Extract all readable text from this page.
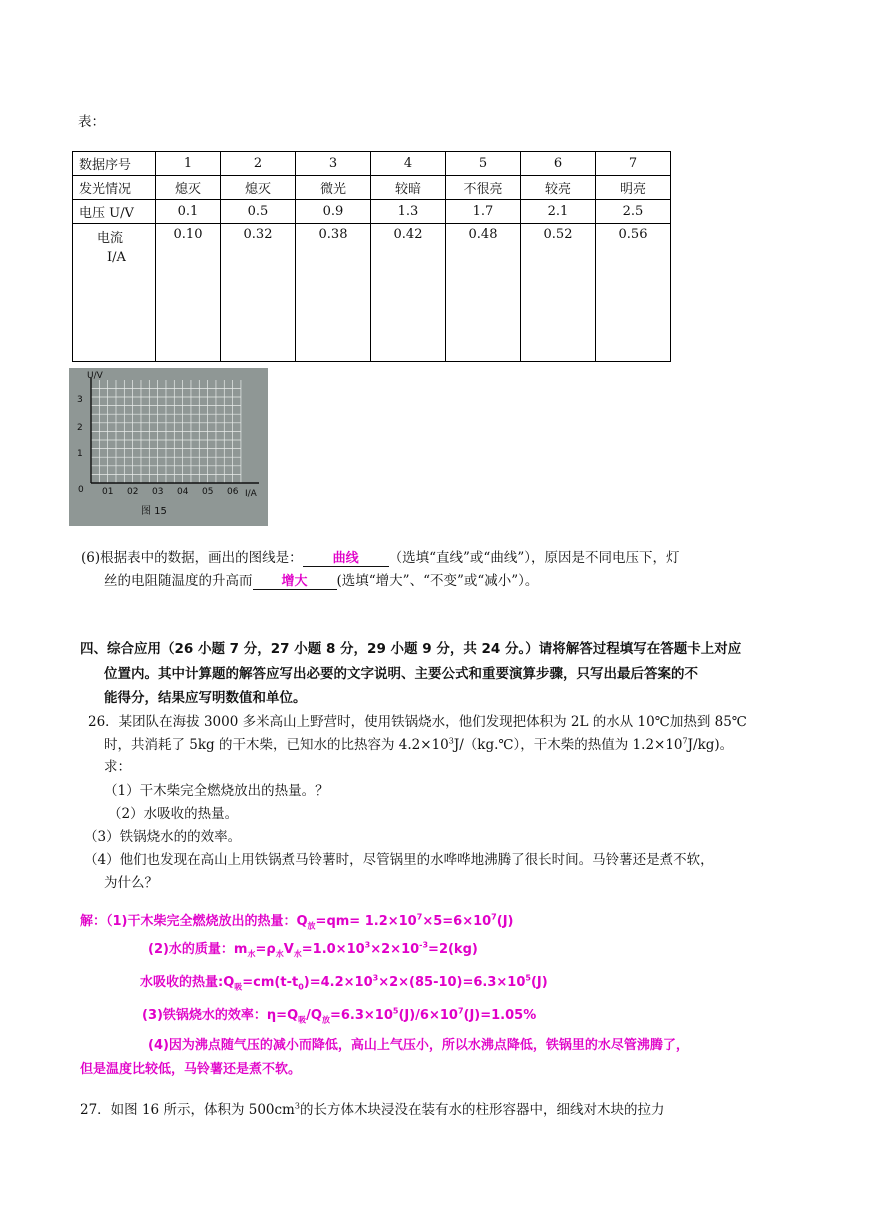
表：
数据序号	1	2	3	4	5	6	7
发光情况	熄灭	熄灭	微光	较暗	不很亮	较亮	明亮
电压 U/V	0.1	0.5	0.9	1.3	1.7	2.1	2.5

电流
I/A	0.10	0.32	0.38	0.42	0.48	0.52	0.56
U/V
I/A
1
2
3
0 01 02 03 04 05 06
图 15
(6)根据表中的数据，画出的图线是： 曲线 （选填“直线”或“曲线”），原因是不同电压下，灯
丝的电阻随温度的升高而 增大 (选填“增大”、“不变”或“减小”）。
四、综合应用（26 小题 7 分，27 小题 8 分，29 小题 9 分，共 24 分。）请将解答过程填写在答题卡上对应
位置内。其中计算题的解答应写出必要的文字说明、主要公式和重要演算步骤，只写出最后答案的不
能得分，结果应写明数值和单位。
26．某团队在海拔 3000 多米高山上野营时，使用铁锅烧水，他们发现把体积为 2L 的水从 10℃加热到 85℃
时，共消耗了 5kg 的干木柴，已知水的比热容为 $4.2\times 10^3J/(kg.℃)$，干木柴的热值为 $1.2\times 10^7J/kg$)。
求：
（1）干木柴完全燃烧放出的热量。？
（2）水吸收的热量。
（3）铁锅烧水的的效率。
（4）他们也发现在高山上用铁锅煮马铃薯时，尽管锅里的水哗哗地沸腾了很长时间。马铃薯还是煮不软，
为什么？
解：（1)干木柴完全燃烧放出的热量：$Q_放=qm= 1.2\times 10^7\times 5=6\times 10^7(J)$
(2)水的质量：$m_水=\rho_水V_水=1.0\times 10^3\times 2\times 10^{-3}=2(kg)$
水吸收的热量$:Q_吸=cm(t-t_0)=4.2\times 10^3\times 2\times(85-10)=6.3\times 10^5(J)$
(3)铁锅烧水的效率：$\eta=Q_吸/Q_放=6.3\times 10^5(J)/6\times 10^7(J)=1.05\%$
(4)因为沸点随气压的减小而降低，高山上气压小，所以水沸点降低，铁锅里的水尽管沸腾了，
但是温度比较低，马铃薯还是煮不软。
27．如图 16 所示，体积为 $500cm^3$的长方体木块浸没在装有水的柱形容器中，细线对木块的拉力
